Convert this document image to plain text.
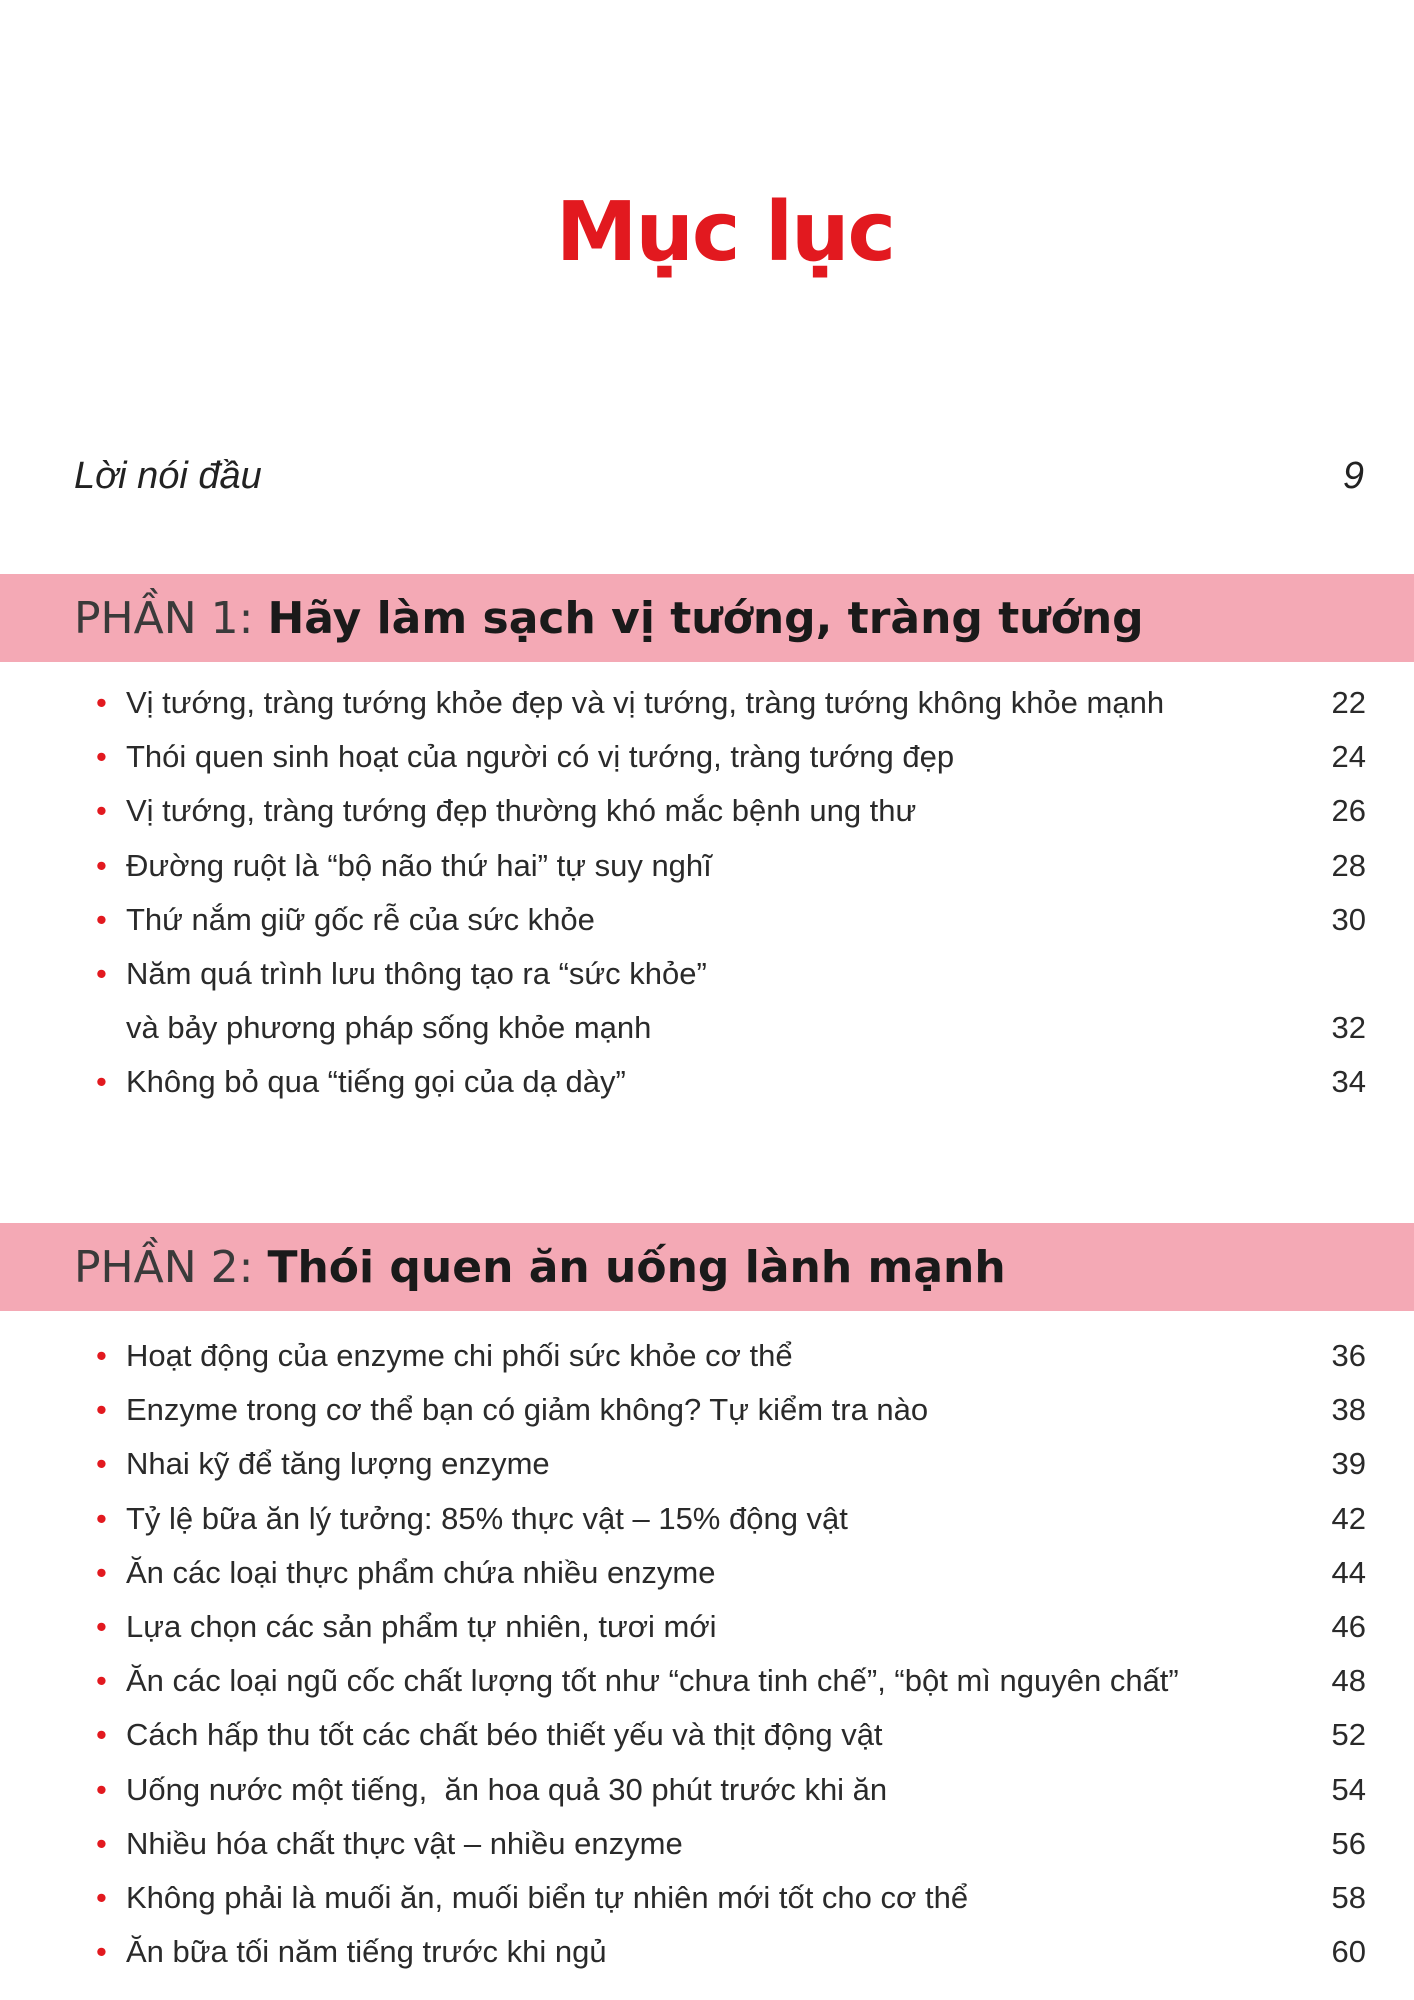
Mục lục
Lời nói đầu	9
PHẦN 1: Hãy làm sạch vị tướng, tràng tướng
• Vị tướng, tràng tướng khỏe đẹp và vị tướng, tràng tướng không khỏe mạnh	22
• Thói quen sinh hoạt của người có vị tướng, tràng tướng đẹp	24
• Vị tướng, tràng tướng đẹp thường khó mắc bệnh ung thư	26
• Đường ruột là “bộ não thứ hai” tự suy nghĩ	28
• Thứ nắm giữ gốc rễ của sức khỏe	30
• Năm quá trình lưu thông tạo ra “sức khỏe”
và bảy phương pháp sống khỏe mạnh	32
• Không bỏ qua “tiếng gọi của dạ dày”	34
PHẦN 2: Thói quen ăn uống lành mạnh
• Hoạt động của enzyme chi phối sức khỏe cơ thể	36
• Enzyme trong cơ thể bạn có giảm không? Tự kiểm tra nào	38
• Nhai kỹ để tăng lượng enzyme	39
• Tỷ lệ bữa ăn lý tưởng: 85% thực vật – 15% động vật	42
• Ăn các loại thực phẩm chứa nhiều enzyme	44
• Lựa chọn các sản phẩm tự nhiên, tươi mới	46
• Ăn các loại ngũ cốc chất lượng tốt như “chưa tinh chế”, “bột mì nguyên chất”	48
• Cách hấp thu tốt các chất béo thiết yếu và thịt động vật	52
• Uống nước một tiếng,  ăn hoa quả 30 phút trước khi ăn	54
• Nhiều hóa chất thực vật – nhiều enzyme	56
• Không phải là muối ăn, muối biển tự nhiên mới tốt cho cơ thể	58
• Ăn bữa tối năm tiếng trước khi ngủ	60
